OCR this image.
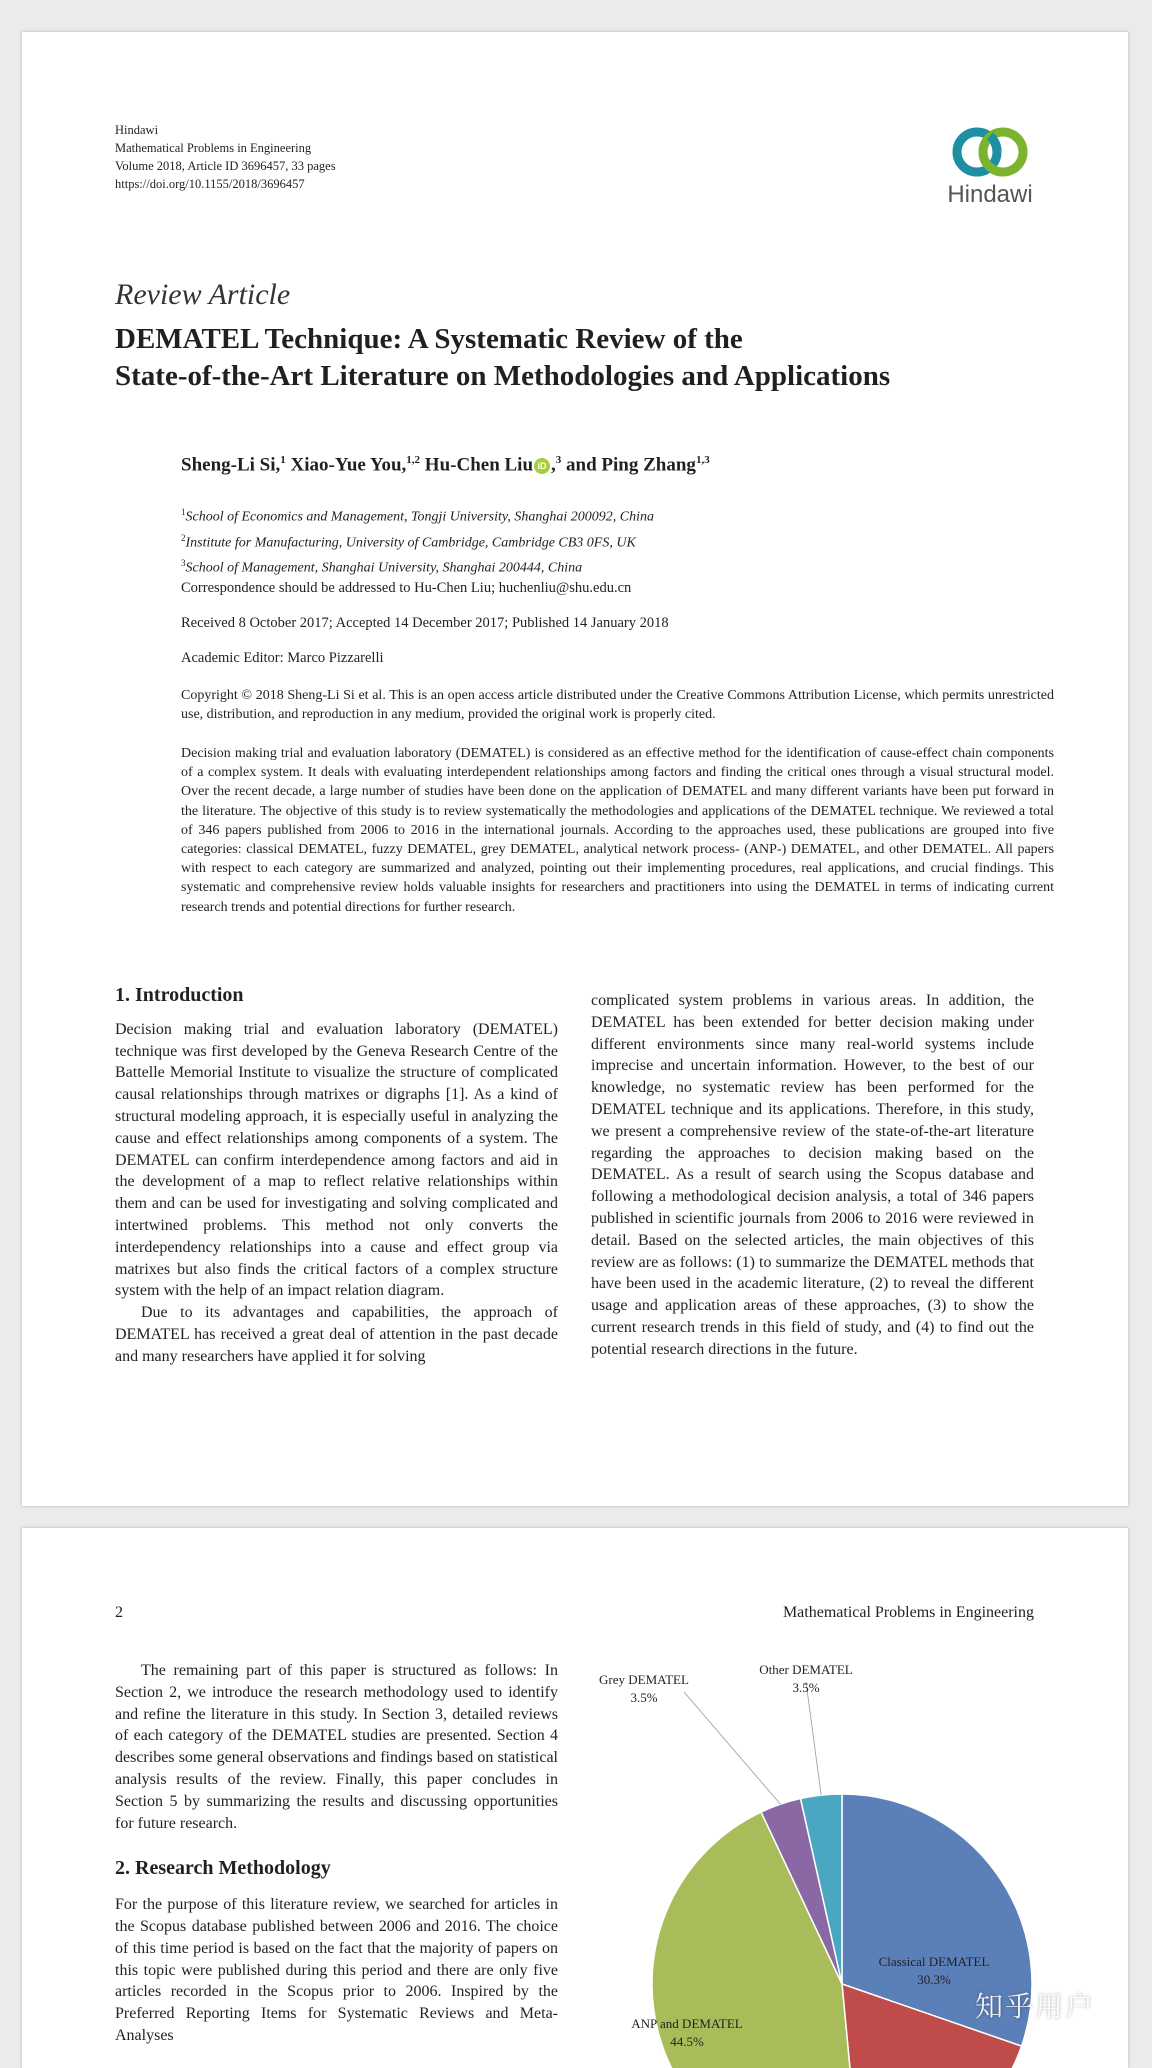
Hindawi
Mathematical Problems in Engineering
Volume 2018, Article ID 3696457, 33 pages
https://doi.org/10.1155/2018/3696457	Hindawi
Review Article
DEMATEL Technique: A Systematic Review of the
State-of-the-Art Literature on Methodologies and Applications
Sheng-Li Si,$^1$ Xiao-Yue You,$^{1,2}$ Hu-Chen Liu iD ,$^3$ and Ping Zhang$^{1,3}$
$^1$School of Economics and Management, Tongji University, Shanghai 200092, China
$^2$Institute for Manufacturing, University of Cambridge, Cambridge CB3 0FS, UK
$^3$School of Management, Shanghai University, Shanghai 200444, China
Correspondence should be addressed to Hu-Chen Liu; huchenliu@shu.edu.cn
Received 8 October 2017; Accepted 14 December 2017; Published 14 January 2018
Academic Editor: Marco Pizzarelli
Copyright © 2018 Sheng-Li Si et al. This is an open access article distributed under the Creative Commons Attribution License, which permits unrestricted use, distribution, and reproduction in any medium, provided the original work is properly cited.
Decision making trial and evaluation laboratory (DEMATEL) is considered as an effective method for the identification of cause-effect chain components of a complex system. It deals with evaluating interdependent relationships among factors and finding the critical ones through a visual structural model. Over the recent decade, a large number of studies have been done on the application of DEMATEL and many different variants have been put forward in the literature. The objective of this study is to review systematically the methodologies and applications of the DEMATEL technique. We reviewed a total of 346 papers published from 2006 to 2016 in the international journals. According to the approaches used, these publications are grouped into five categories: classical DEMATEL, fuzzy DEMATEL, grey DEMATEL, analytical network process- (ANP-) DEMATEL, and other DEMATEL. All papers with respect to each category are summarized and analyzed, pointing out their implementing procedures, real applications, and crucial findings. This systematic and comprehensive review holds valuable insights for researchers and practitioners into using the DEMATEL in terms of indicating current research trends and potential directions for further research.
1. Introduction

Decision making trial and evaluation laboratory (DEMATEL) technique was first developed by the Geneva Research Centre of the Battelle Memorial Institute to visualize the structure of complicated causal relationships through matrixes or digraphs [1]. As a kind of structural modeling approach, it is especially useful in analyzing the cause and effect relationships among components of a system. The DEMATEL can confirm interdependence among factors and aid in the development of a map to reflect relative relationships within them and can be used for investigating and solving complicated and intertwined problems. This method not only converts the interdependency relationships into a cause and effect group via matrixes but also finds the critical factors of a complex structure system with the help of an impact relation diagram.

Due to its advantages and capabilities, the approach of DEMATEL has received a great deal of attention in the past decade and many researchers have applied it for solving

complicated system problems in various areas. In addition, the DEMATEL has been extended for better decision making under different environments since many real-world systems include imprecise and uncertain information. However, to the best of our knowledge, no systematic review has been performed for the DEMATEL technique and its applications. Therefore, in this study, we present a comprehensive review of the state-of-the-art literature regarding the approaches to decision making based on the DEMATEL. As a result of search using the Scopus database and following a methodological decision analysis, a total of 346 papers published in scientific journals from 2006 to 2016 were reviewed in detail. Based on the selected articles, the main objectives of this review are as follows: (1) to summarize the DEMATEL methods that have been used in the academic literature, (2) to reveal the different usage and application areas of these approaches, (3) to show the current research trends in this field of study, and (4) to find out the potential research directions in the future.

2	Mathematical Problems in Engineering

The remaining part of this paper is structured as follows: In Section 2, we introduce the research methodology used to identify and refine the literature in this study. In Section 3, detailed reviews of each category of the DEMATEL studies are presented. Section 4 describes some general observations and findings based on statistical analysis results of the review. Finally, this paper concludes in Section 5 by summarizing the results and discussing opportunities for future research.

2. Research Methodology

For the purpose of this literature review, we searched for articles in the Scopus database published between 2006 and 2016. The choice of this time period is based on the fact that the majority of papers on this topic were published during this period and there are only five articles recorded in the Scopus prior to 2006. Inspired by the Preferred Reporting Items for Systematic Reviews and Meta-Analyses

Classical DEMATEL
30.3%
ANP and DEMATEL
44.5%
Grey DEMATEL
3.5%
Other DEMATEL
3.5%
知乎用户
